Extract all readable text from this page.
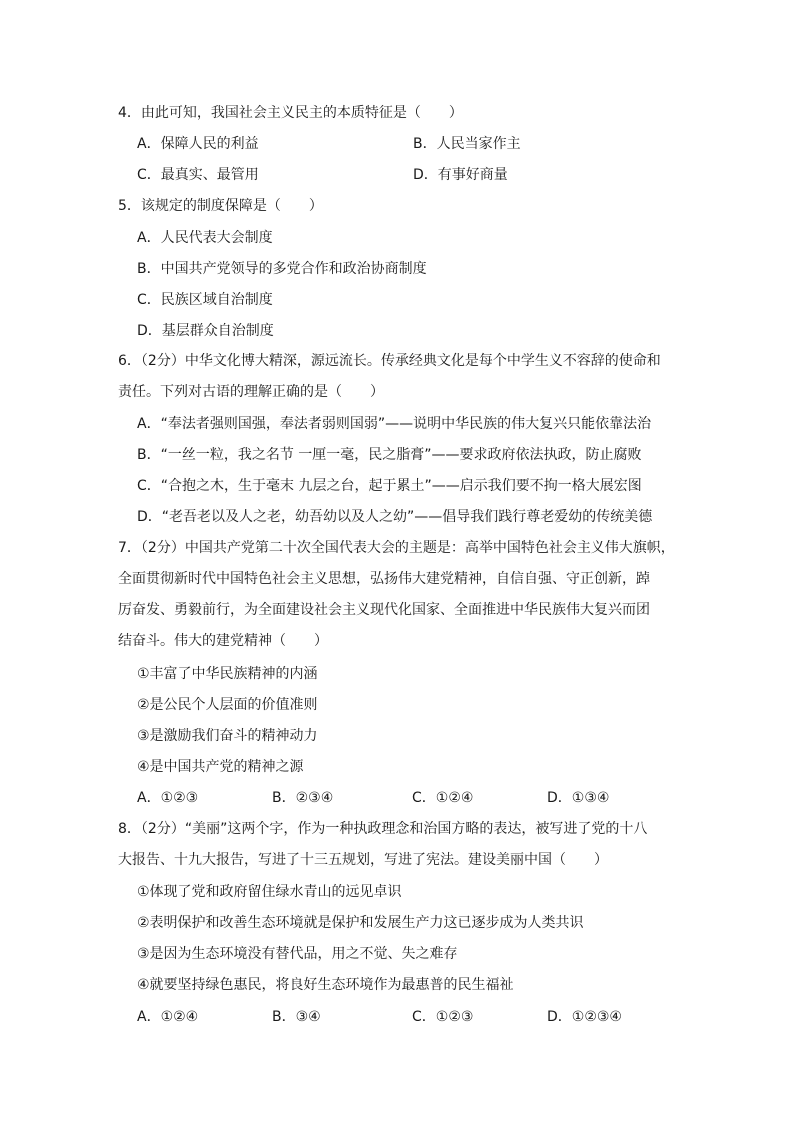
4．由此可知，我国社会主义民主的本质特征是（　　）
A．保障人民的利益	B．人民当家作主
C．最真实、最管用	D．有事好商量
5．该规定的制度保障是（　　）
A．人民代表大会制度
B．中国共产党领导的多党合作和政治协商制度
C．民族区域自治制度
D．基层群众自治制度
6．（2分）中华文化博大精深，源远流长。传承经典文化是每个中学生义不容辞的使命和
责任。下列对古语的理解正确的是（　　）
A．“奉法者强则国强，奉法者弱则国弱”——说明中华民族的伟大复兴只能依靠法治
B．“一丝一粒，我之名节 一厘一毫，民之脂膏”——要求政府依法执政，防止腐败
C．“合抱之木，生于毫末 九层之台，起于累土”——启示我们要不拘一格大展宏图
D．“老吾老以及人之老，幼吾幼以及人之幼”——倡导我们践行尊老爱幼的传统美德
7．（2分）中国共产党第二十次全国代表大会的主题是：高举中国特色社会主义伟大旗帜，
全面贯彻新时代中国特色社会主义思想，弘扬伟大建党精神，自信自强、守正创新，踔
厉奋发、勇毅前行，为全面建设社会主义现代化国家、全面推进中华民族伟大复兴而团
结奋斗。伟大的建党精神（　　）
①丰富了中华民族精神的内涵
②是公民个人层面的价值准则
③是激励我们奋斗的精神动力
④是中国共产党的精神之源
A．①②③	B．②③④	C．①②④	D．①③④
8．（2分）“美丽”这两个字，作为一种执政理念和治国方略的表达，被写进了党的十八
大报告、十九大报告，写进了十三五规划，写进了宪法。建设美丽中国（　　）
①体现了党和政府留住绿水青山的远见卓识
②表明保护和改善生态环境就是保护和发展生产力这已逐步成为人类共识
③是因为生态环境没有替代品，用之不觉、失之难存
④就要坚持绿色惠民，将良好生态环境作为最惠普的民生福祉
A．①②④	B．③④	C．①②③	D．①②③④
